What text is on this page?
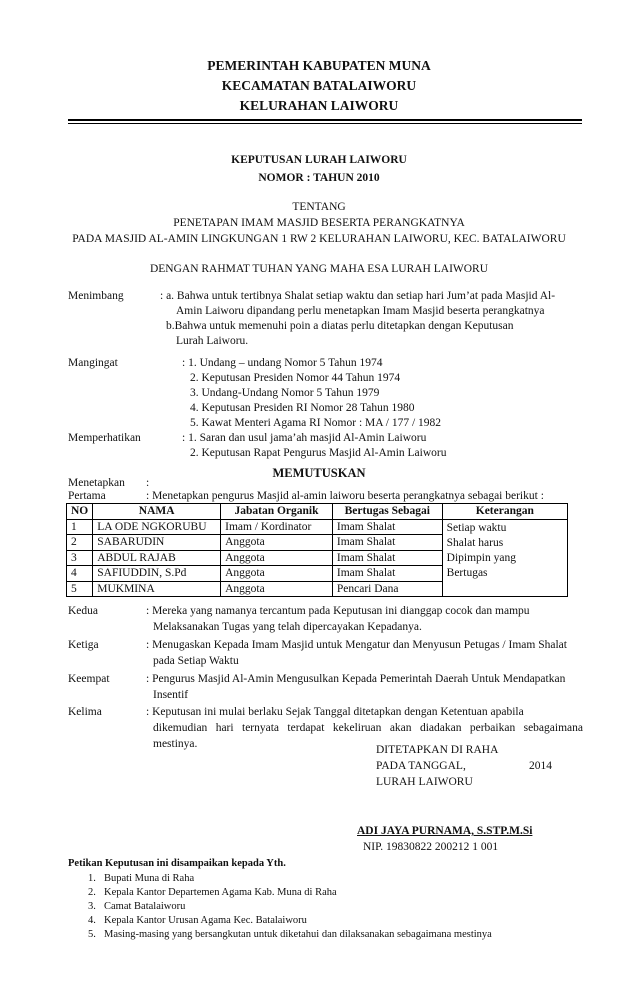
PEMERINTAH KABUPATEN MUNA
KECAMATAN BATALAIWORU
KELURAHAN LAIWORU
KEPUTUSAN LURAH LAIWORU
NOMOR : TAHUN 2010
TENTANG
PENETAPAN IMAM MASJID BESERTA PERANGKATNYA
PADA MASJID AL-AMIN LINGKUNGAN 1 RW 2 KELURAHAN LAIWORU, KEC. BATALAIWORU
DENGAN RAHMAT TUHAN YANG MAHA ESA LURAH LAIWORU
Menimbang	: a. Bahwa untuk tertibnya Shalat setiap waktu dan setiap hari Jum’at pada Masjid Al-
Amin Laiworu dipandang perlu menetapkan Imam Masjid beserta perangkatnya
b.Bahwa untuk memenuhi poin a diatas perlu ditetapkan dengan Keputusan
Lurah Laiworu.
Mangingat	: 1. Undang – undang Nomor 5 Tahun 1974
2. Keputusan Presiden Nomor 44 Tahun 1974
3. Undang-Undang Nomor 5 Tahun 1979
4. Keputusan Presiden RI Nomor 28 Tahun 1980
5. Kawat Menteri Agama RI Nomor : MA / 177 / 1982
Memperhatikan	: 1. Saran dan usul jama’ah masjid Al-Amin Laiworu
2. Keputusan Rapat Pengurus Masjid Al-Amin Laiworu
MEMUTUSKAN
Menetapkan :
Pertama	: Menetapkan pengurus Masjid al-amin laiworu beserta perangkatnya sebagai berikut :
NO	NAMA	Jabatan Organik	Bertugas Sebagai	Keterangan
1	LA ODE NGKORUBU	Imam / Kordinator	Imam Shalat	Setiap waktu
Shalat harus
Dipimpin yang
Bertugas

2	SABARUDIN	Anggota	Imam Shalat	
3	ABDUL RAJAB	Anggota	Imam Shalat	
4	SAFIUDDIN, S.Pd	Anggota	Imam Shalat	
5	MUKMINA	Anggota	Pencari Dana	
Kedua	: Mereka yang namanya tercantum pada Keputusan ini dianggap cocok dan mampu
Melaksanakan Tugas yang telah dipercayakan Kepadanya.
Ketiga	: Menugaskan Kepada Imam Masjid untuk Mengatur dan Menyusun Petugas / Imam Shalat
pada Setiap Waktu
Keempat	: Pengurus Masjid Al-Amin Mengusulkan Kepada Pemerintah Daerah Untuk Mendapatkan
Insentif
Kelima	: Keputusan ini mulai berlaku Sejak Tanggal ditetapkan dengan Ketentuan apabila
dikemudian hari ternyata terdapat kekeliruan akan diadakan perbaikan sebagaimana
mestinya.	DITETAPKAN DI RAHA
PADA TANGGAL,	2014
LURAH LAIWORU
ADI JAYA PURNAMA, S.STP.M.Si
NIP. 19830822 200212 1 001
Petikan Keputusan ini disampaikan kepada Yth.
1. Bupati Muna di Raha
2. Kepala Kantor Departemen Agama Kab. Muna di Raha
3. Camat Batalaiworu
4. Kepala Kantor Urusan Agama Kec. Batalaiworu
5. Masing-masing yang bersangkutan untuk diketahui dan dilaksanakan sebagaimana mestinya
